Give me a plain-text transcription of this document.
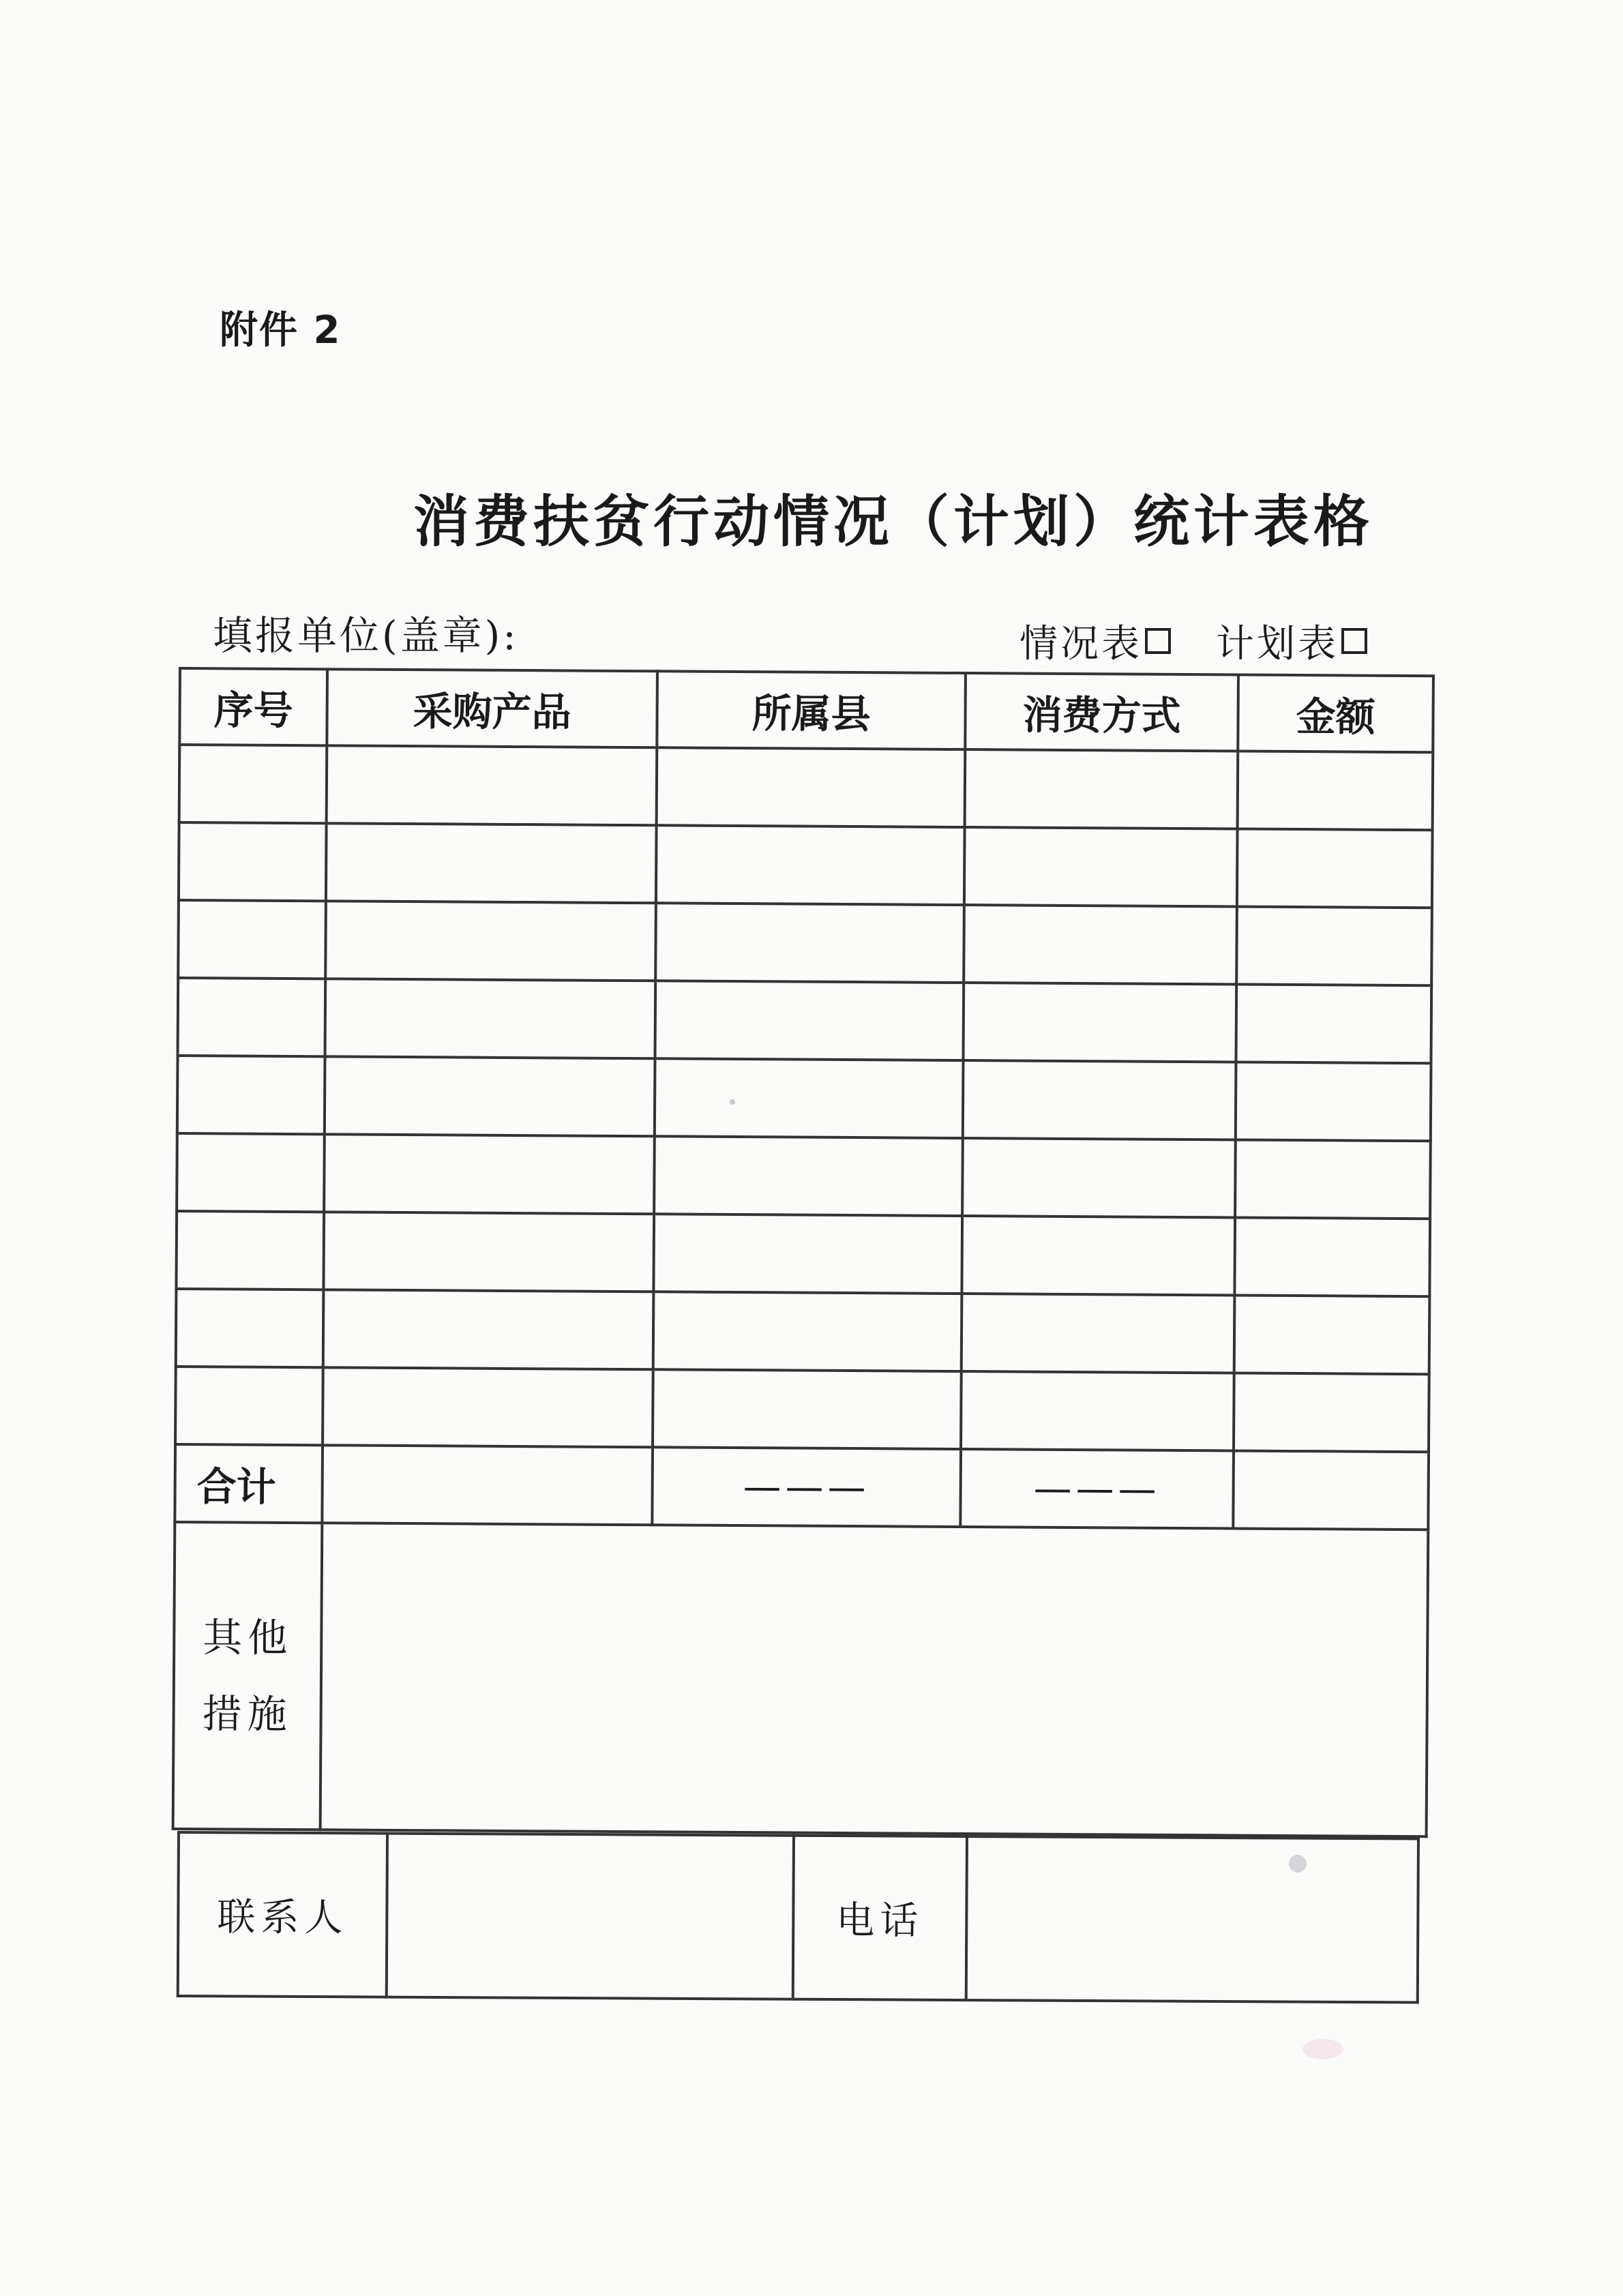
附件 2
消费扶贫行动情况（计划）统计表格
填报单位(盖章):	情况表 计划表
序号	采购产品	所属县	消费方式	金额

合计		———	———	

其他
措施				

联系人		电话	
